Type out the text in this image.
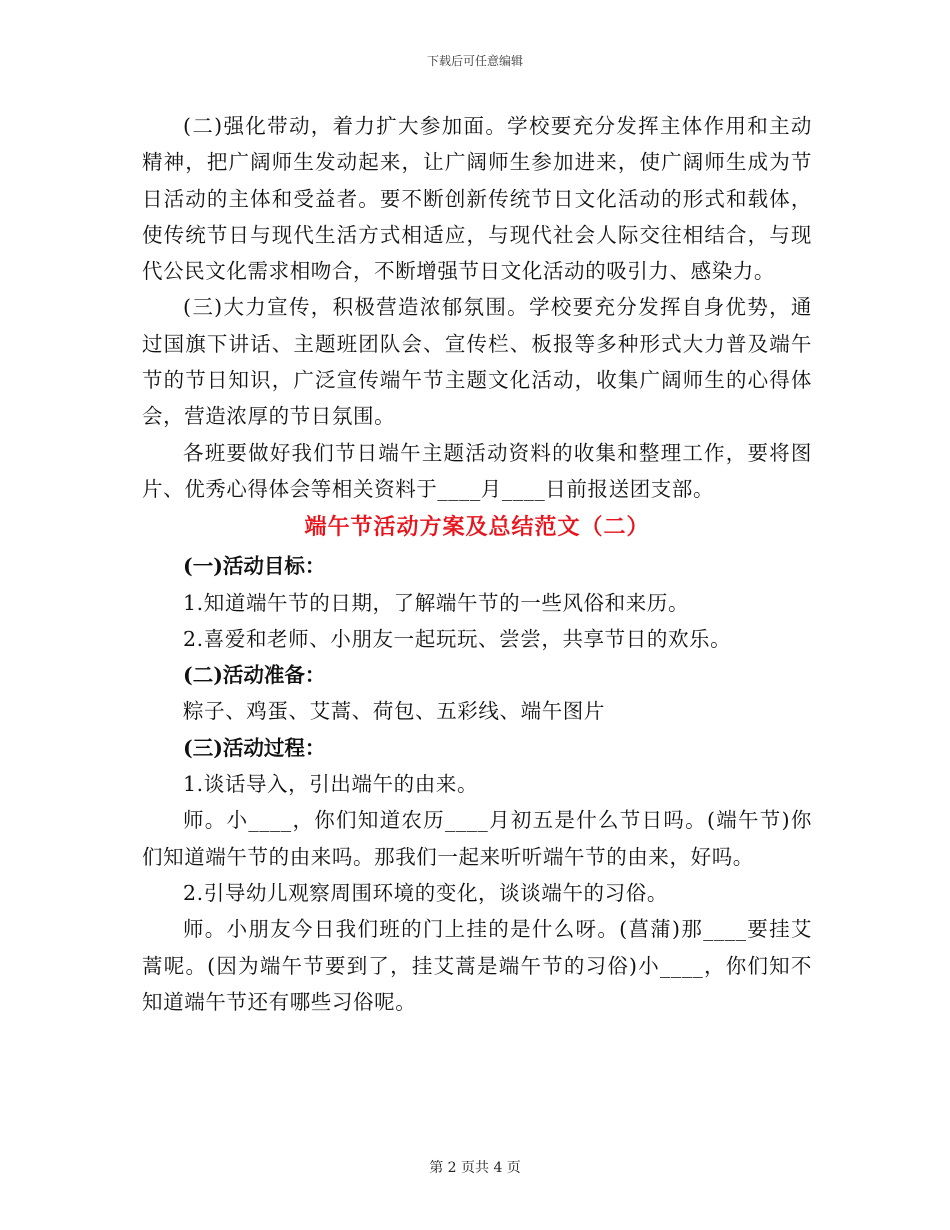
下载后可任意编辑

(二)强化带动，着力扩大参加面。学校要充分发挥主体作用和主动精神，把广阔师生发动起来，让广阔师生参加进来，使广阔师生成为节日活动的主体和受益者。要不断创新传统节日文化活动的形式和载体，使传统节日与现代生活方式相适应，与现代社会人际交往相结合，与现代公民文化需求相吻合，不断增强节日文化活动的吸引力、感染力。

(三)大力宣传，积极营造浓郁氛围。学校要充分发挥自身优势，通过国旗下讲话、主题班团队会、宣传栏、板报等多种形式大力普及端午节的节日知识，广泛宣传端午节主题文化活动，收集广阔师生的心得体会，营造浓厚的节日氛围。

各班要做好我们节日端午主题活动资料的收集和整理工作，要将图片、优秀心得体会等相关资料于____月____日前报送团支部。

端午节活动方案及总结范文（二）

(一)活动目标：

1.知道端午节的日期，了解端午节的一些风俗和来历。

2.喜爱和老师、小朋友一起玩玩、尝尝，共享节日的欢乐。

(二)活动准备：

粽子、鸡蛋、艾蒿、荷包、五彩线、端午图片

(三)活动过程：

1.谈话导入，引出端午的由来。

师。小____，你们知道农历____月初五是什么节日吗。(端午节)你们知道端午节的由来吗。那我们一起来听听端午节的由来，好吗。

2.引导幼儿观察周围环境的变化，谈谈端午的习俗。

师。小朋友今日我们班的门上挂的是什么呀。(菖蒲)那____要挂艾蒿呢。(因为端午节要到了，挂艾蒿是端午节的习俗)小____，你们知不知道端午节还有哪些习俗呢。

第 2 页共 4 页
